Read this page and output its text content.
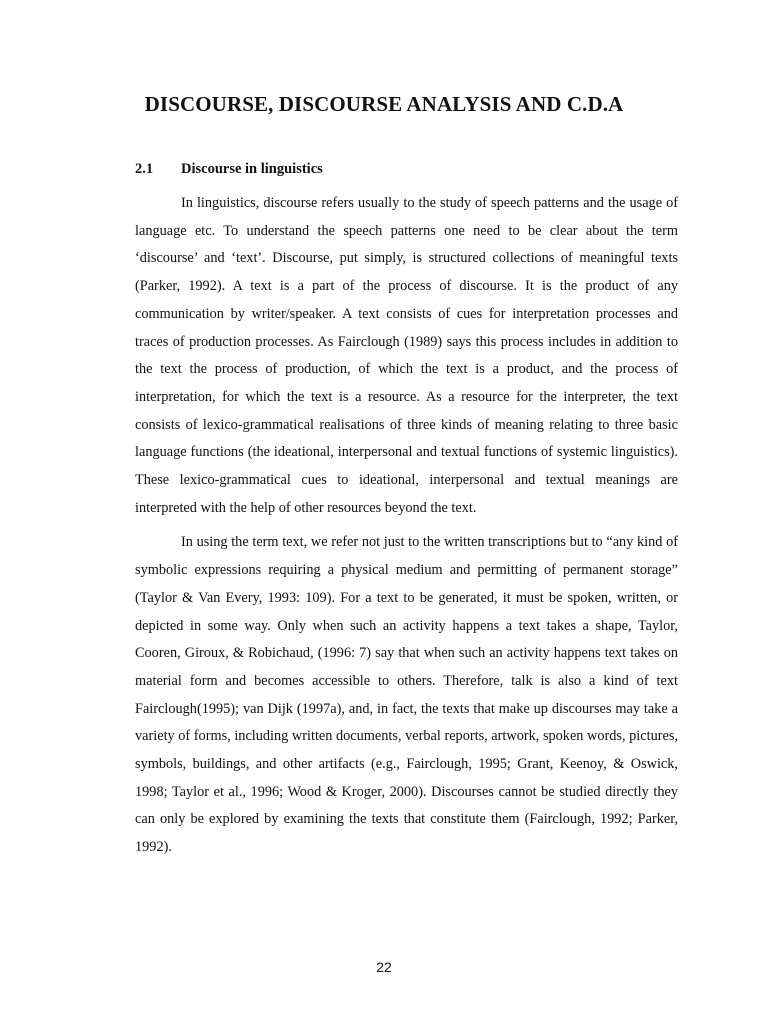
DISCOURSE, DISCOURSE ANALYSIS AND C.D.A
2.1 Discourse in linguistics

In linguistics, discourse refers usually to the study of speech patterns and the usage of language etc. To understand the speech patterns one need to be clear about the term ‘discourse’ and ‘text’. Discourse, put simply, is structured collections of meaningful texts (Parker, 1992). A text is a part of the process of discourse. It is the product of any communication by writer/speaker. A text consists of cues for interpretation processes and traces of production processes. As Fairclough (1989) says this process includes in addition to the text the process of production, of which the text is a product, and the process of interpretation, for which the text is a resource. As a resource for the interpreter, the text consists of lexico-grammatical realisations of three kinds of meaning relating to three basic language functions (the ideational, interpersonal and textual functions of systemic linguistics). These lexico-grammatical cues to ideational, interpersonal and textual meanings are interpreted with the help of other resources beyond the text.

In using the term text, we refer not just to the written transcriptions but to “any kind of symbolic expressions requiring a physical medium and permitting of permanent storage” (Taylor & Van Every, 1993: 109). For a text to be generated, it must be spoken, written, or depicted in some way. Only when such an activity happens a text takes a shape, Taylor, Cooren, Giroux, & Robichaud, (1996: 7) say that when such an activity happens text takes on material form and becomes accessible to others. Therefore, talk is also a kind of text Fairclough(1995); van Dijk (1997a), and, in fact, the texts that make up discourses may take a variety of forms, including written documents, verbal reports, artwork, spoken words, pictures, symbols, buildings, and other artifacts (e.g., Fairclough, 1995; Grant, Keenoy, & Oswick, 1998; Taylor et al., 1996; Wood & Kroger, 2000). Discourses cannot be studied directly they can only be explored by examining the texts that constitute them (Fairclough, 1992; Parker, 1992).

22
